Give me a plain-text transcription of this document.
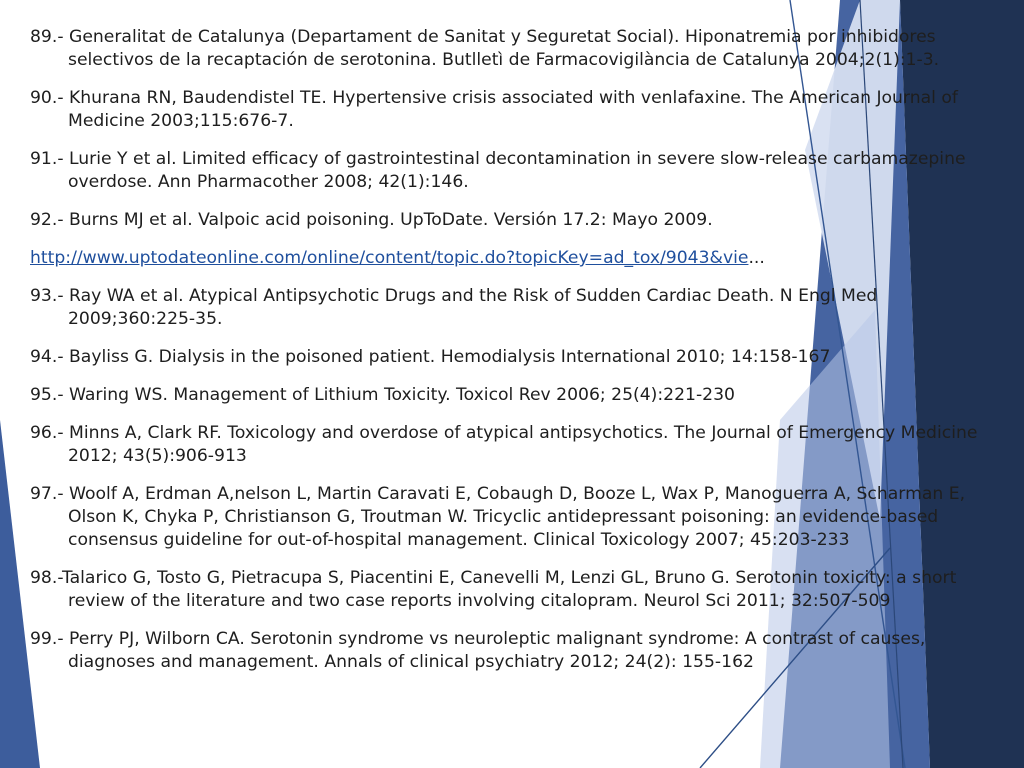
89.- Generalitat de Catalunya (Departament de Sanitat y Seguretat Social). Hiponatremia por inhibidores selectivos de la recaptación de serotonina. Butlletì de Farmacovigilància de Catalunya 2004;2(1):1-3.
90.- Khurana RN, Baudendistel TE. Hypertensive crisis associated with venlafaxine. The American Journal of Medicine 2003;115:676-7.
91.- Lurie Y et al. Limited efficacy of gastrointestinal decontamination in severe slow-release carbamazepine overdose. Ann Pharmacother 2008; 42(1):146.
92.- Burns MJ et al. Valpoic acid poisoning. UpToDate. Versión 17.2: Mayo 2009.
http://www.uptodateonline.com/online/content/topic.do?topicKey=ad_tox/9043&vie...
93.- Ray WA et al. Atypical Antipsychotic Drugs and the Risk of Sudden Cardiac Death. N Engl Med 2009;360:225-35.
94.- Bayliss G. Dialysis in the poisoned patient. Hemodialysis International 2010; 14:158-167
95.- Waring WS. Management of Lithium Toxicity. Toxicol Rev 2006; 25(4):221-230
96.- Minns A, Clark RF. Toxicology and overdose of atypical antipsychotics. The Journal of Emergency Medicine 2012; 43(5):906-913
97.- Woolf A, Erdman A,nelson L, Martin Caravati E, Cobaugh D, Booze L, Wax P, Manoguerra A, Scharman E, Olson K, Chyka P, Christianson G, Troutman W. Tricyclic antidepressant poisoning: an evidence-based consensus guideline for out-of-hospital management. Clinical Toxicology 2007; 45:203-233
98.-Talarico G, Tosto G, Pietracupa S, Piacentini E, Canevelli M, Lenzi GL, Bruno G. Serotonin toxicity: a short review of the literature and two case reports involving citalopram. Neurol Sci 2011; 32:507-509
99.- Perry PJ, Wilborn CA. Serotonin syndrome vs neuroleptic malignant syndrome: A contrast of causes, diagnoses and management. Annals of clinical psychiatry 2012; 24(2): 155-162
